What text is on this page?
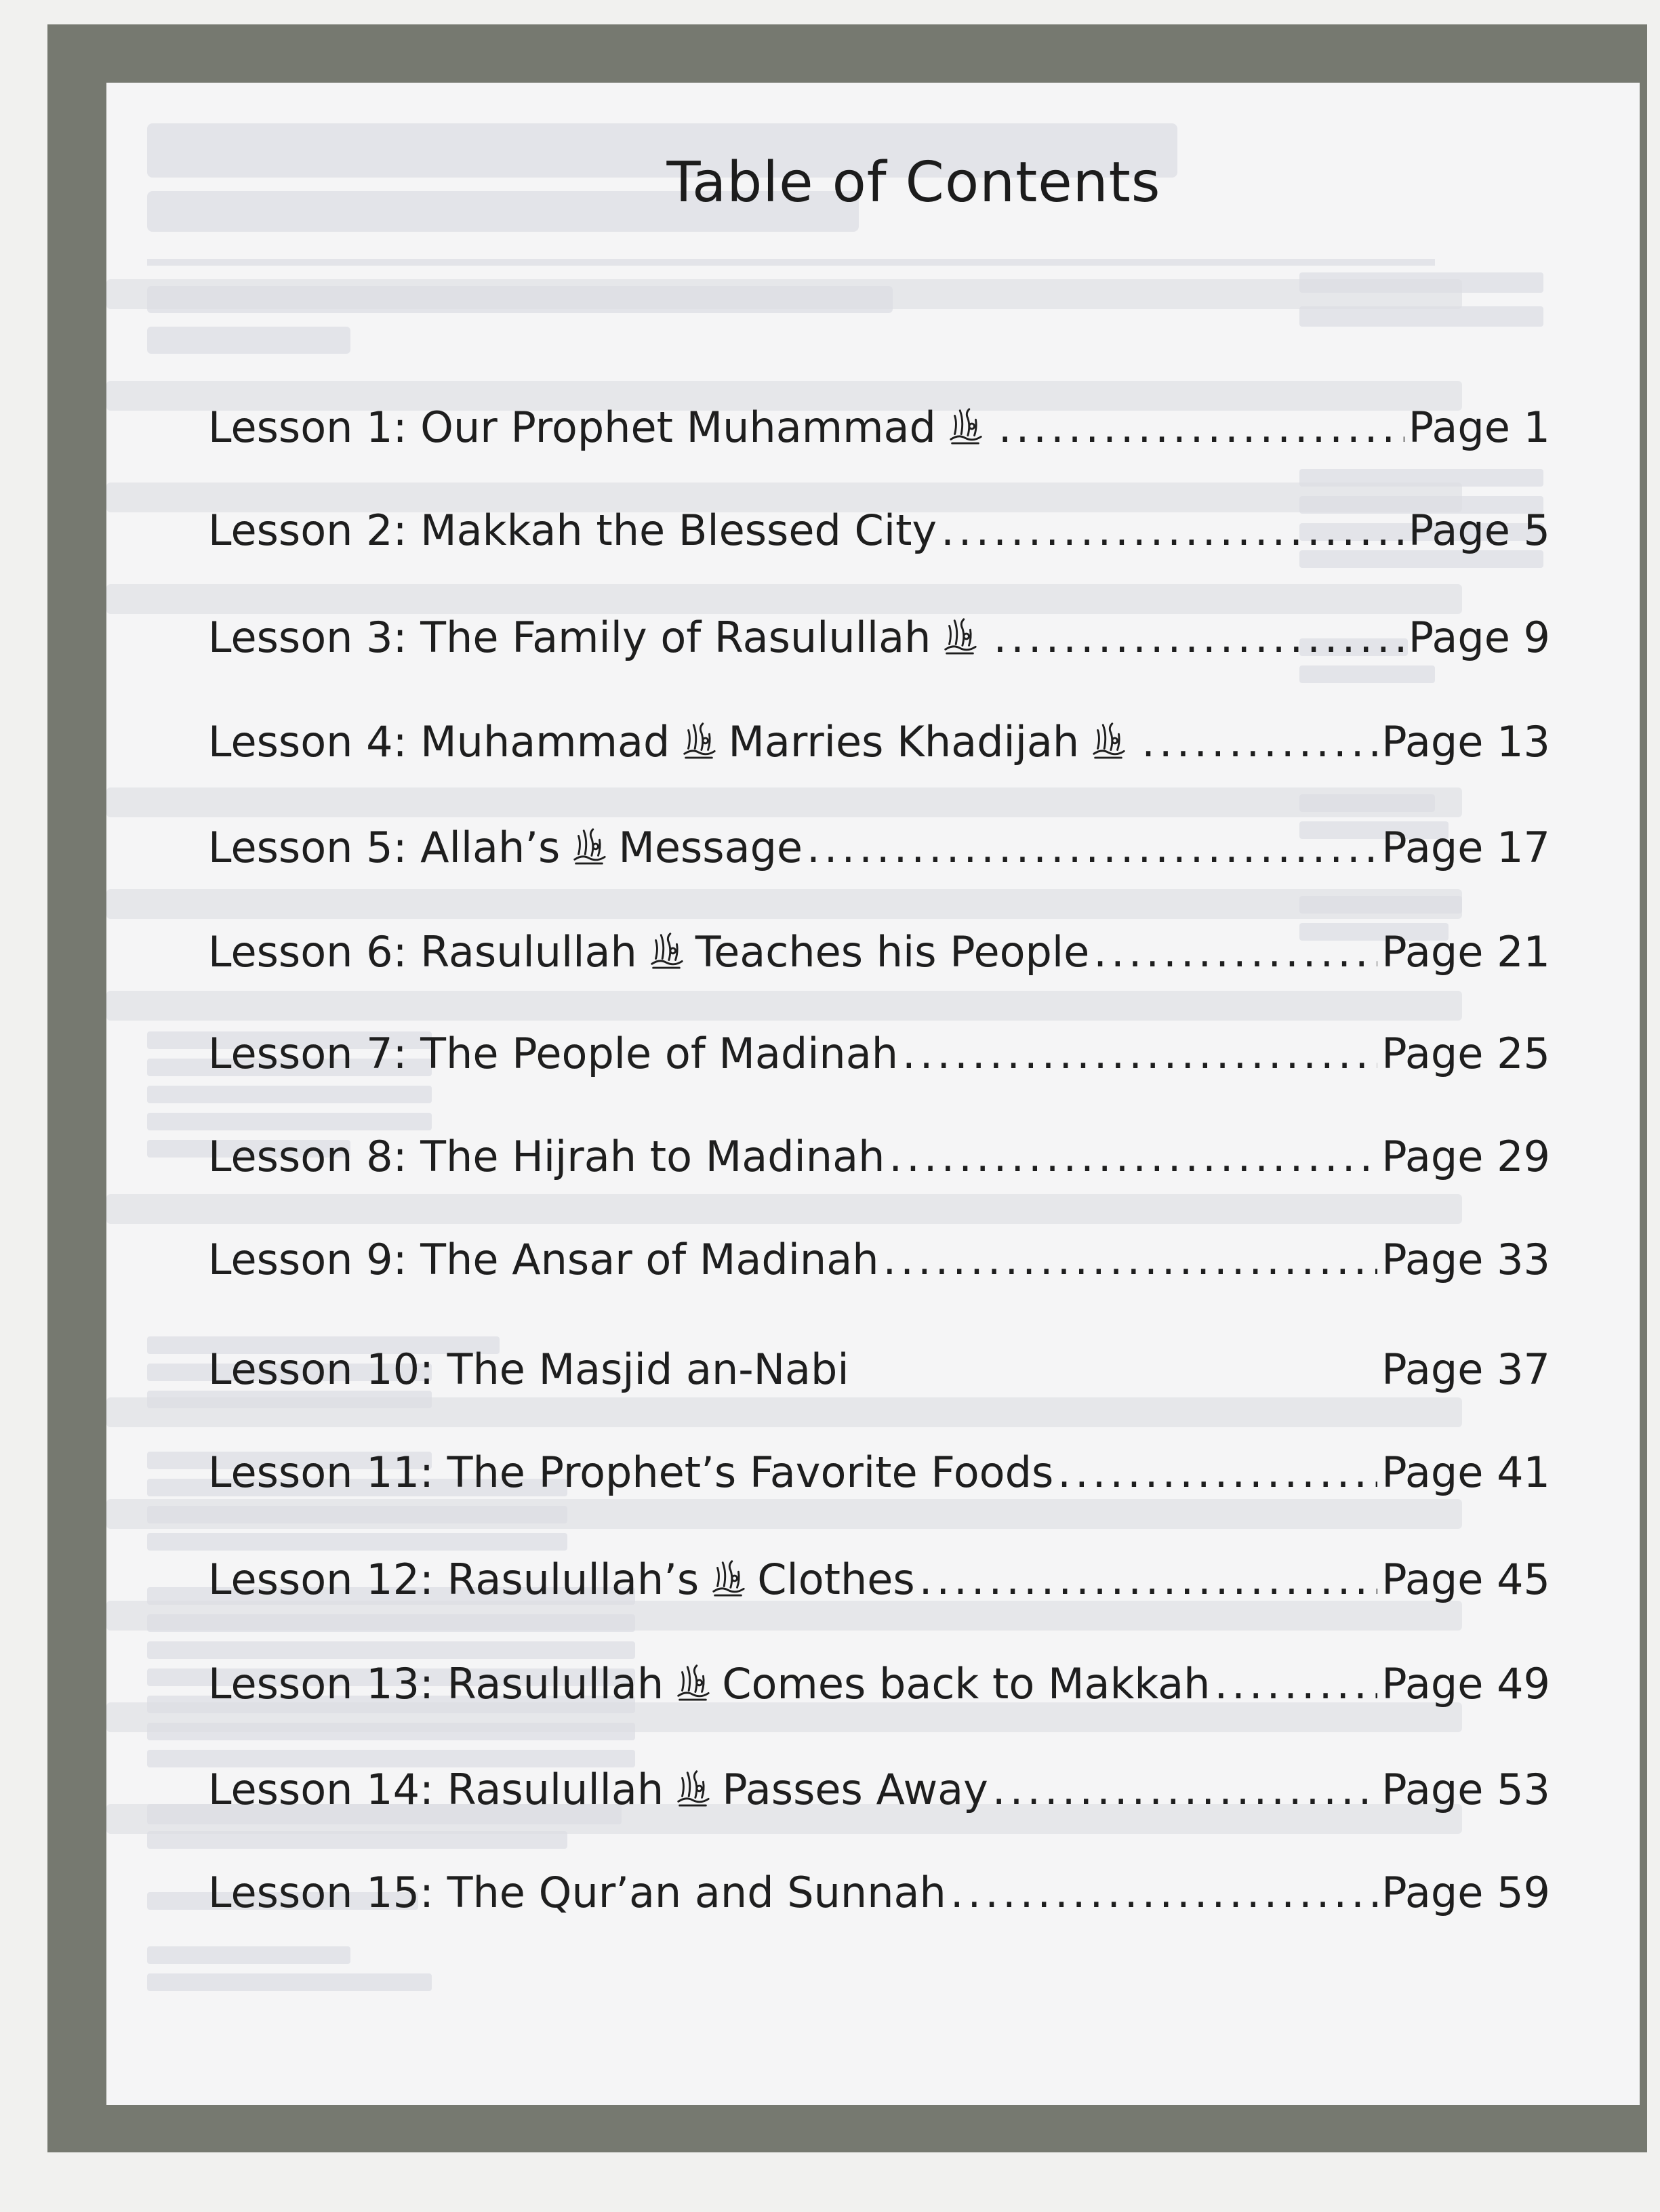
Table of Contents
Lesson 1: Our Prophet Muhammad .....	Page 1
Lesson 2: Makkah the Blessed City .....	Page 5
Lesson 3: The Family of Rasulullah .....	Page 9
Lesson 4: Muhammad Marries Khadijah .....	Page 13
Lesson 5: Allah’s Message .....	Page 17
Lesson 6: Rasulullah Teaches his People .....	Page 21
Lesson 7: The People of Madinah .....	Page 25
Lesson 8: The Hijrah to Madinah .....	Page 29
Lesson 9: The Ansar of Madinah .....	Page 33
Lesson 10: The Masjid an-Nabi	Page 37
Lesson 11: The Prophet’s Favorite Foods .....	Page 41
Lesson 12: Rasulullah’s Clothes .....	Page 45
Lesson 13: Rasulullah Comes back to Makkah .....	Page 49
Lesson 14: Rasulullah Passes Away .....	Page 53
Lesson 15: The Qur’an and Sunnah .....	Page 59
